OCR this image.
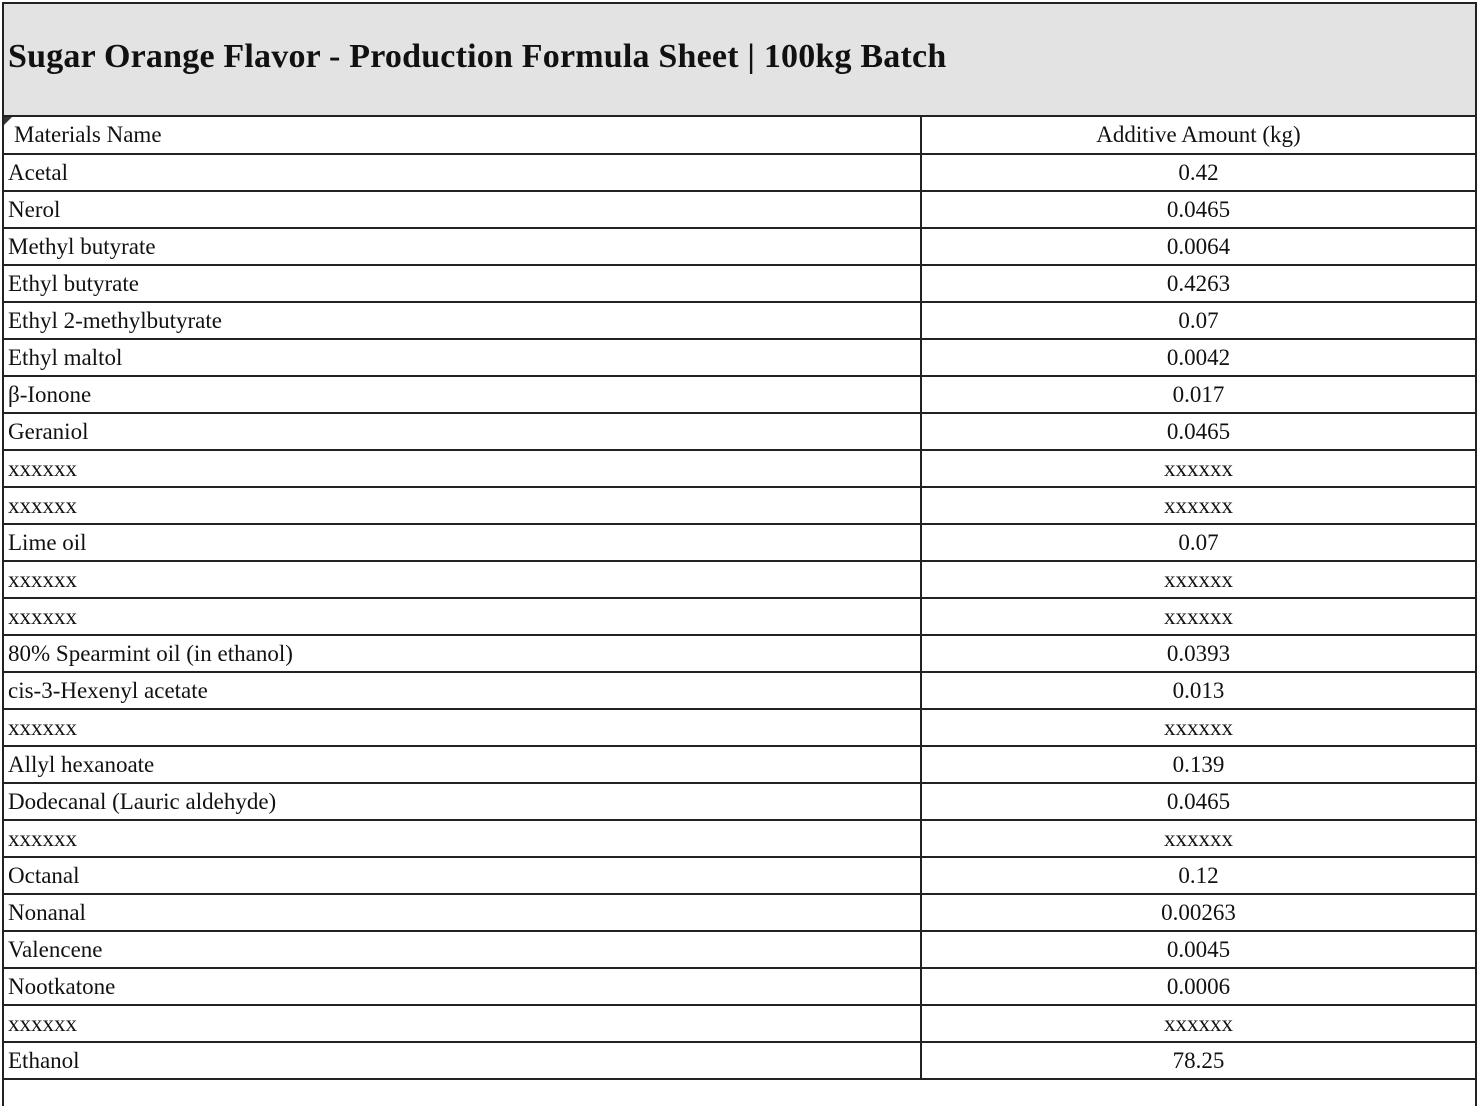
Sugar Orange Flavor - Production Formula Sheet | 100kg Batch
Materials Name	Additive Amount (kg)
Acetal	0.42
Nerol	0.0465
Methyl butyrate	0.0064
Ethyl butyrate	0.4263
Ethyl 2-methylbutyrate	0.07
Ethyl maltol	0.0042
β-Ionone	0.017
Geraniol	0.0465
xxxxxx	xxxxxx
xxxxxx	xxxxxx
Lime oil	0.07
xxxxxx	xxxxxx
xxxxxx	xxxxxx
80% Spearmint oil (in ethanol)	0.0393
cis-3-Hexenyl acetate	0.013
xxxxxx	xxxxxx
Allyl hexanoate	0.139
Dodecanal (Lauric aldehyde)	0.0465
xxxxxx	xxxxxx
Octanal	0.12
Nonanal	0.00263
Valencene	0.0045
Nootkatone	0.0006
xxxxxx	xxxxxx
Ethanol	78.25
